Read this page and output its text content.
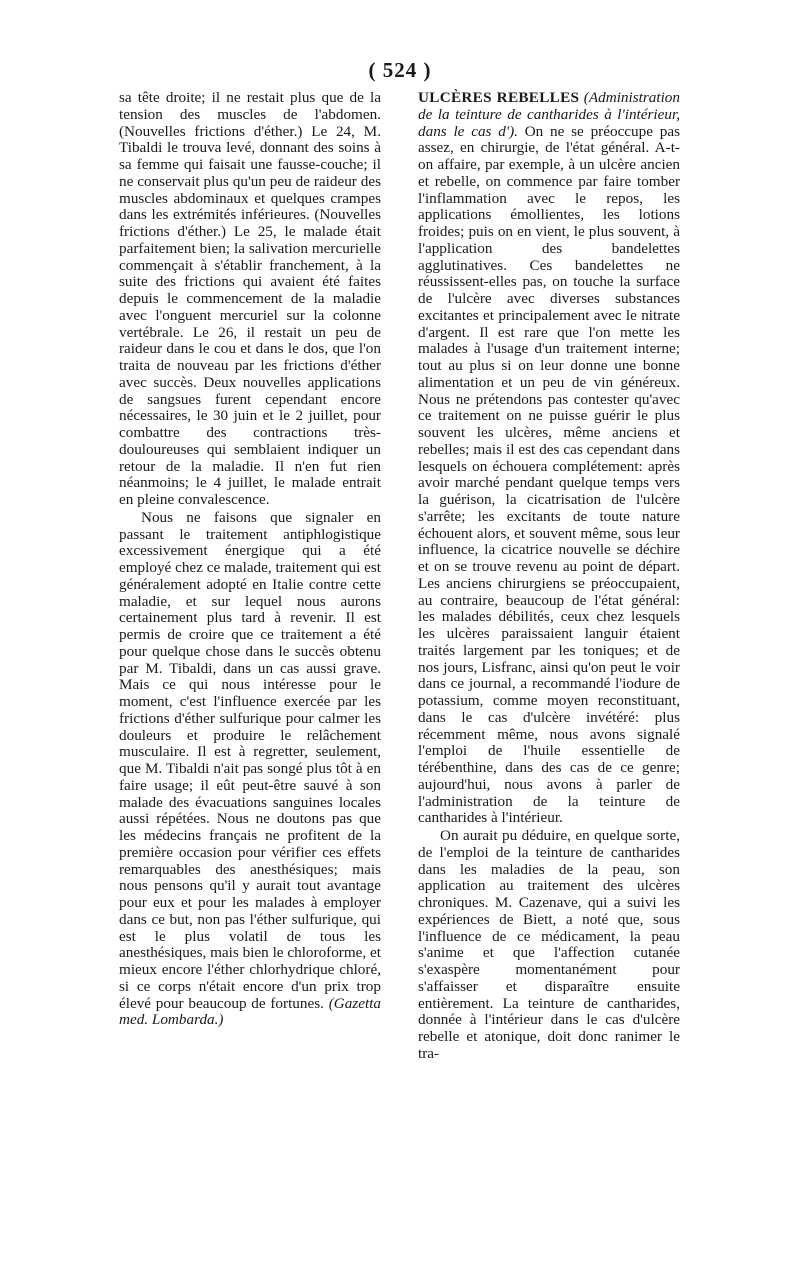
( 524 )

sa tête droite; il ne restait plus que de la tension des muscles de l'abdomen. (Nouvelles frictions d'éther.) Le 24, M. Tibaldi le trouva levé, donnant des soins à sa femme qui faisait une fausse-couche; il ne conservait plus qu'un peu de raideur des muscles abdominaux et quelques crampes dans les extrémités inférieures. (Nouvelles frictions d'éther.) Le 25, le malade était parfaitement bien; la salivation mercurielle commençait à s'établir franchement, à la suite des frictions qui avaient été faites depuis le commencement de la maladie avec l'onguent mercuriel sur la colonne vertébrale. Le 26, il restait un peu de raideur dans le cou et dans le dos, que l'on traita de nouveau par les frictions d'éther avec succès. Deux nouvelles applications de sangsues furent cependant encore nécessaires, le 30 juin et le 2 juillet, pour combattre des contractions très-douloureuses qui semblaient indiquer un retour de la maladie. Il n'en fut rien néanmoins; le 4 juillet, le malade entrait en pleine convalescence.

Nous ne faisons que signaler en passant le traitement antiphlogistique excessivement énergique qui a été employé chez ce malade, traitement qui est généralement adopté en Italie contre cette maladie, et sur lequel nous aurons certainement plus tard à revenir. Il est permis de croire que ce traitement a été pour quelque chose dans le succès obtenu par M. Tibaldi, dans un cas aussi grave. Mais ce qui nous intéresse pour le moment, c'est l'influence exercée par les frictions d'éther sulfurique pour calmer les douleurs et produire le relâchement musculaire. Il est à regretter, seulement, que M. Tibaldi n'ait pas songé plus tôt à en faire usage; il eût peut-être sauvé à son malade des évacuations sanguines locales aussi répétées. Nous ne doutons pas que les médecins français ne profitent de la première occasion pour vérifier ces effets remarquables des anesthésiques; mais nous pensons qu'il y aurait tout avantage pour eux et pour les malades à employer dans ce but, non pas l'éther sulfurique, qui est le plus volatil de tous les anesthésiques, mais bien le chloroforme, et mieux encore l'éther chlorhydrique chloré, si ce corps n'était encore d'un prix trop élevé pour beaucoup de fortunes. (Gazetta med. Lombarda.)

ULCÈRES REBELLES (Administration de la teinture de cantharides à l'intérieur, dans le cas d'). On ne se préoccupe pas assez, en chirurgie, de l'état général. A-t-on affaire, par exemple, à un ulcère ancien et rebelle, on commence par faire tomber l'inflammation avec le repos, les applications émollientes, les lotions froides; puis on en vient, le plus souvent, à l'application des bandelettes agglutinatives. Ces bandelettes ne réussissent-elles pas, on touche la surface de l'ulcère avec diverses substances excitantes et principalement avec le nitrate d'argent. Il est rare que l'on mette les malades à l'usage d'un traitement interne; tout au plus si on leur donne une bonne alimentation et un peu de vin généreux. Nous ne prétendons pas contester qu'avec ce traitement on ne puisse guérir le plus souvent les ulcères, même anciens et rebelles; mais il est des cas cependant dans lesquels on échouera complétement: après avoir marché pendant quelque temps vers la guérison, la cicatrisation de l'ulcère s'arrête; les excitants de toute nature échouent alors, et souvent même, sous leur influence, la cicatrice nouvelle se déchire et on se trouve revenu au point de départ. Les anciens chirurgiens se préoccupaient, au contraire, beaucoup de l'état général: les malades débilités, ceux chez lesquels les ulcères paraissaient languir étaient traités largement par les toniques; et de nos jours, Lisfranc, ainsi qu'on peut le voir dans ce journal, a recommandé l'iodure de potassium, comme moyen reconstituant, dans le cas d'ulcère invétéré: plus récemment même, nous avons signalé l'emploi de l'huile essentielle de térébenthine, dans des cas de ce genre; aujourd'hui, nous avons à parler de l'administration de la teinture de cantharides à l'intérieur.

On aurait pu déduire, en quelque sorte, de l'emploi de la teinture de cantharides dans les maladies de la peau, son application au traitement des ulcères chroniques. M. Cazenave, qui a suivi les expériences de Biett, a noté que, sous l'influence de ce médicament, la peau s'anime et que l'affection cutanée s'exaspère momentanément pour s'affaisser et disparaître ensuite entièrement. La teinture de cantharides, donnée à l'intérieur dans le cas d'ulcère rebelle et atonique, doit donc ranimer le tra-
